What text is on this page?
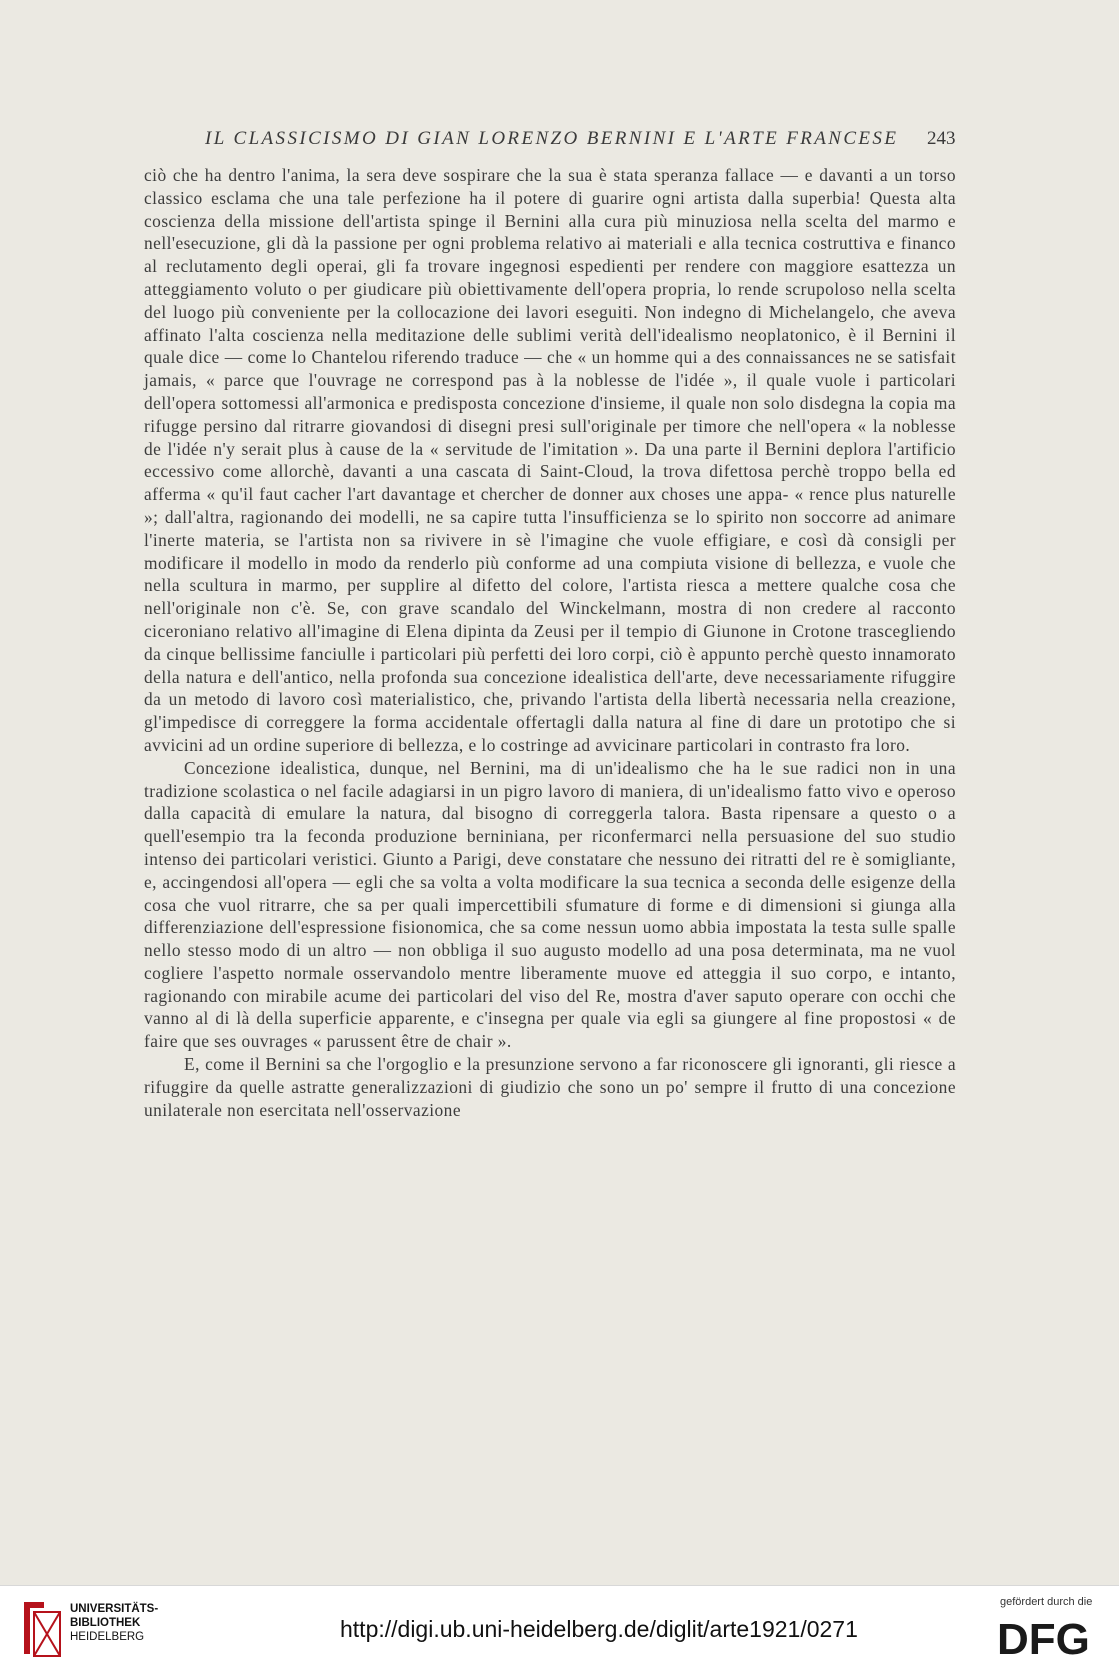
IL CLASSICISMO DI GIAN LORENZO BERNINI E L'ARTE FRANCESE	243

ciò che ha dentro l'anima, la sera deve sospirare che la sua è stata speranza fallace — e davanti a un torso classico esclama che una tale perfezione ha il potere di guarire ogni artista dalla superbia! Questa alta coscienza della missione dell'artista spinge il Bernini alla cura più minuziosa nella scelta del marmo e nell'esecuzione, gli dà la passione per ogni problema relativo ai materiali e alla tecnica costruttiva e financo al reclutamento degli operai, gli fa trovare ingegnosi espedienti per rendere con maggiore esattezza un atteggiamento voluto o per giudicare più obiettivamente dell'opera propria, lo rende scrupoloso nella scelta del luogo più conveniente per la collocazione dei lavori eseguiti. Non indegno di Michelangelo, che aveva affinato l'alta coscienza nella meditazione delle sublimi verità dell'idealismo neoplatonico, è il Bernini il quale dice — come lo Chantelou riferendo traduce — che « un homme qui a des connaissances ne se satisfait jamais, « parce que l'ouvrage ne correspond pas à la noblesse de l'idée », il quale vuole i particolari dell'opera sottomessi all'armonica e predisposta concezione d'insieme, il quale non solo disdegna la copia ma rifugge persino dal ritrarre giovandosi di disegni presi sull'originale per timore che nell'opera « la noblesse de l'idée n'y serait plus à cause de la « servitude de l'imitation ». Da una parte il Bernini deplora l'artificio eccessivo come allorchè, davanti a una cascata di Saint-Cloud, la trova difettosa perchè troppo bella ed afferma « qu'il faut cacher l'art davantage et chercher de donner aux choses une appa- « rence plus naturelle »; dall'altra, ragionando dei modelli, ne sa capire tutta l'insufficienza se lo spirito non soccorre ad animare l'inerte materia, se l'artista non sa rivivere in sè l'imagine che vuole effigiare, e così dà consigli per modificare il modello in modo da renderlo più conforme ad una compiuta visione di bellezza, e vuole che nella scultura in marmo, per supplire al difetto del colore, l'artista riesca a mettere qualche cosa che nell'originale non c'è. Se, con grave scandalo del Winckelmann, mostra di non credere al racconto ciceroniano relativo all'imagine di Elena dipinta da Zeusi per il tempio di Giunone in Crotone trascegliendo da cinque bellissime fanciulle i particolari più perfetti dei loro corpi, ciò è appunto perchè questo innamorato della natura e dell'antico, nella profonda sua concezione idealistica dell'arte, deve necessariamente rifuggire da un metodo di lavoro così materialistico, che, privando l'artista della libertà necessaria nella creazione, gl'impedisce di correggere la forma accidentale offertagli dalla natura al fine di dare un prototipo che si avvicini ad un ordine superiore di bellezza, e lo costringe ad avvicinare particolari in contrasto fra loro.

Concezione idealistica, dunque, nel Bernini, ma di un'idealismo che ha le sue radici non in una tradizione scolastica o nel facile adagiarsi in un pigro lavoro di maniera, di un'idealismo fatto vivo e operoso dalla capacità di emulare la natura, dal bisogno di correggerla talora. Basta ripensare a questo o a quell'esempio tra la feconda produzione berniniana, per riconfermarci nella persuasione del suo studio intenso dei particolari veristici. Giunto a Parigi, deve constatare che nessuno dei ritratti del re è somigliante, e, accingendosi all'opera — egli che sa volta a volta modificare la sua tecnica a seconda delle esigenze della cosa che vuol ritrarre, che sa per quali impercettibili sfumature di forme e di dimensioni si giunga alla differenziazione dell'espressione fisionomica, che sa come nessun uomo abbia impostata la testa sulle spalle nello stesso modo di un altro — non obbliga il suo augusto modello ad una posa determinata, ma ne vuol cogliere l'aspetto normale osservandolo mentre liberamente muove ed atteggia il suo corpo, e intanto, ragionando con mirabile acume dei particolari del viso del Re, mostra d'aver saputo operare con occhi che vanno al di là della superficie apparente, e c'insegna per quale via egli sa giungere al fine propostosi « de faire que ses ouvrages « parussent être de chair ».

E, come il Bernini sa che l'orgoglio e la presunzione servono a far riconoscere gli ignoranti, gli riesce a rifuggire da quelle astratte generalizzazioni di giudizio che sono un po' sempre il frutto di una concezione unilaterale non esercitata nell'osservazione

UNIVERSITÄTS-
BIBLIOTHEK
HEIDELBERG	http://digi.ub.uni-heidelberg.de/diglit/arte1921/0271
gefördert durch die
DFG
